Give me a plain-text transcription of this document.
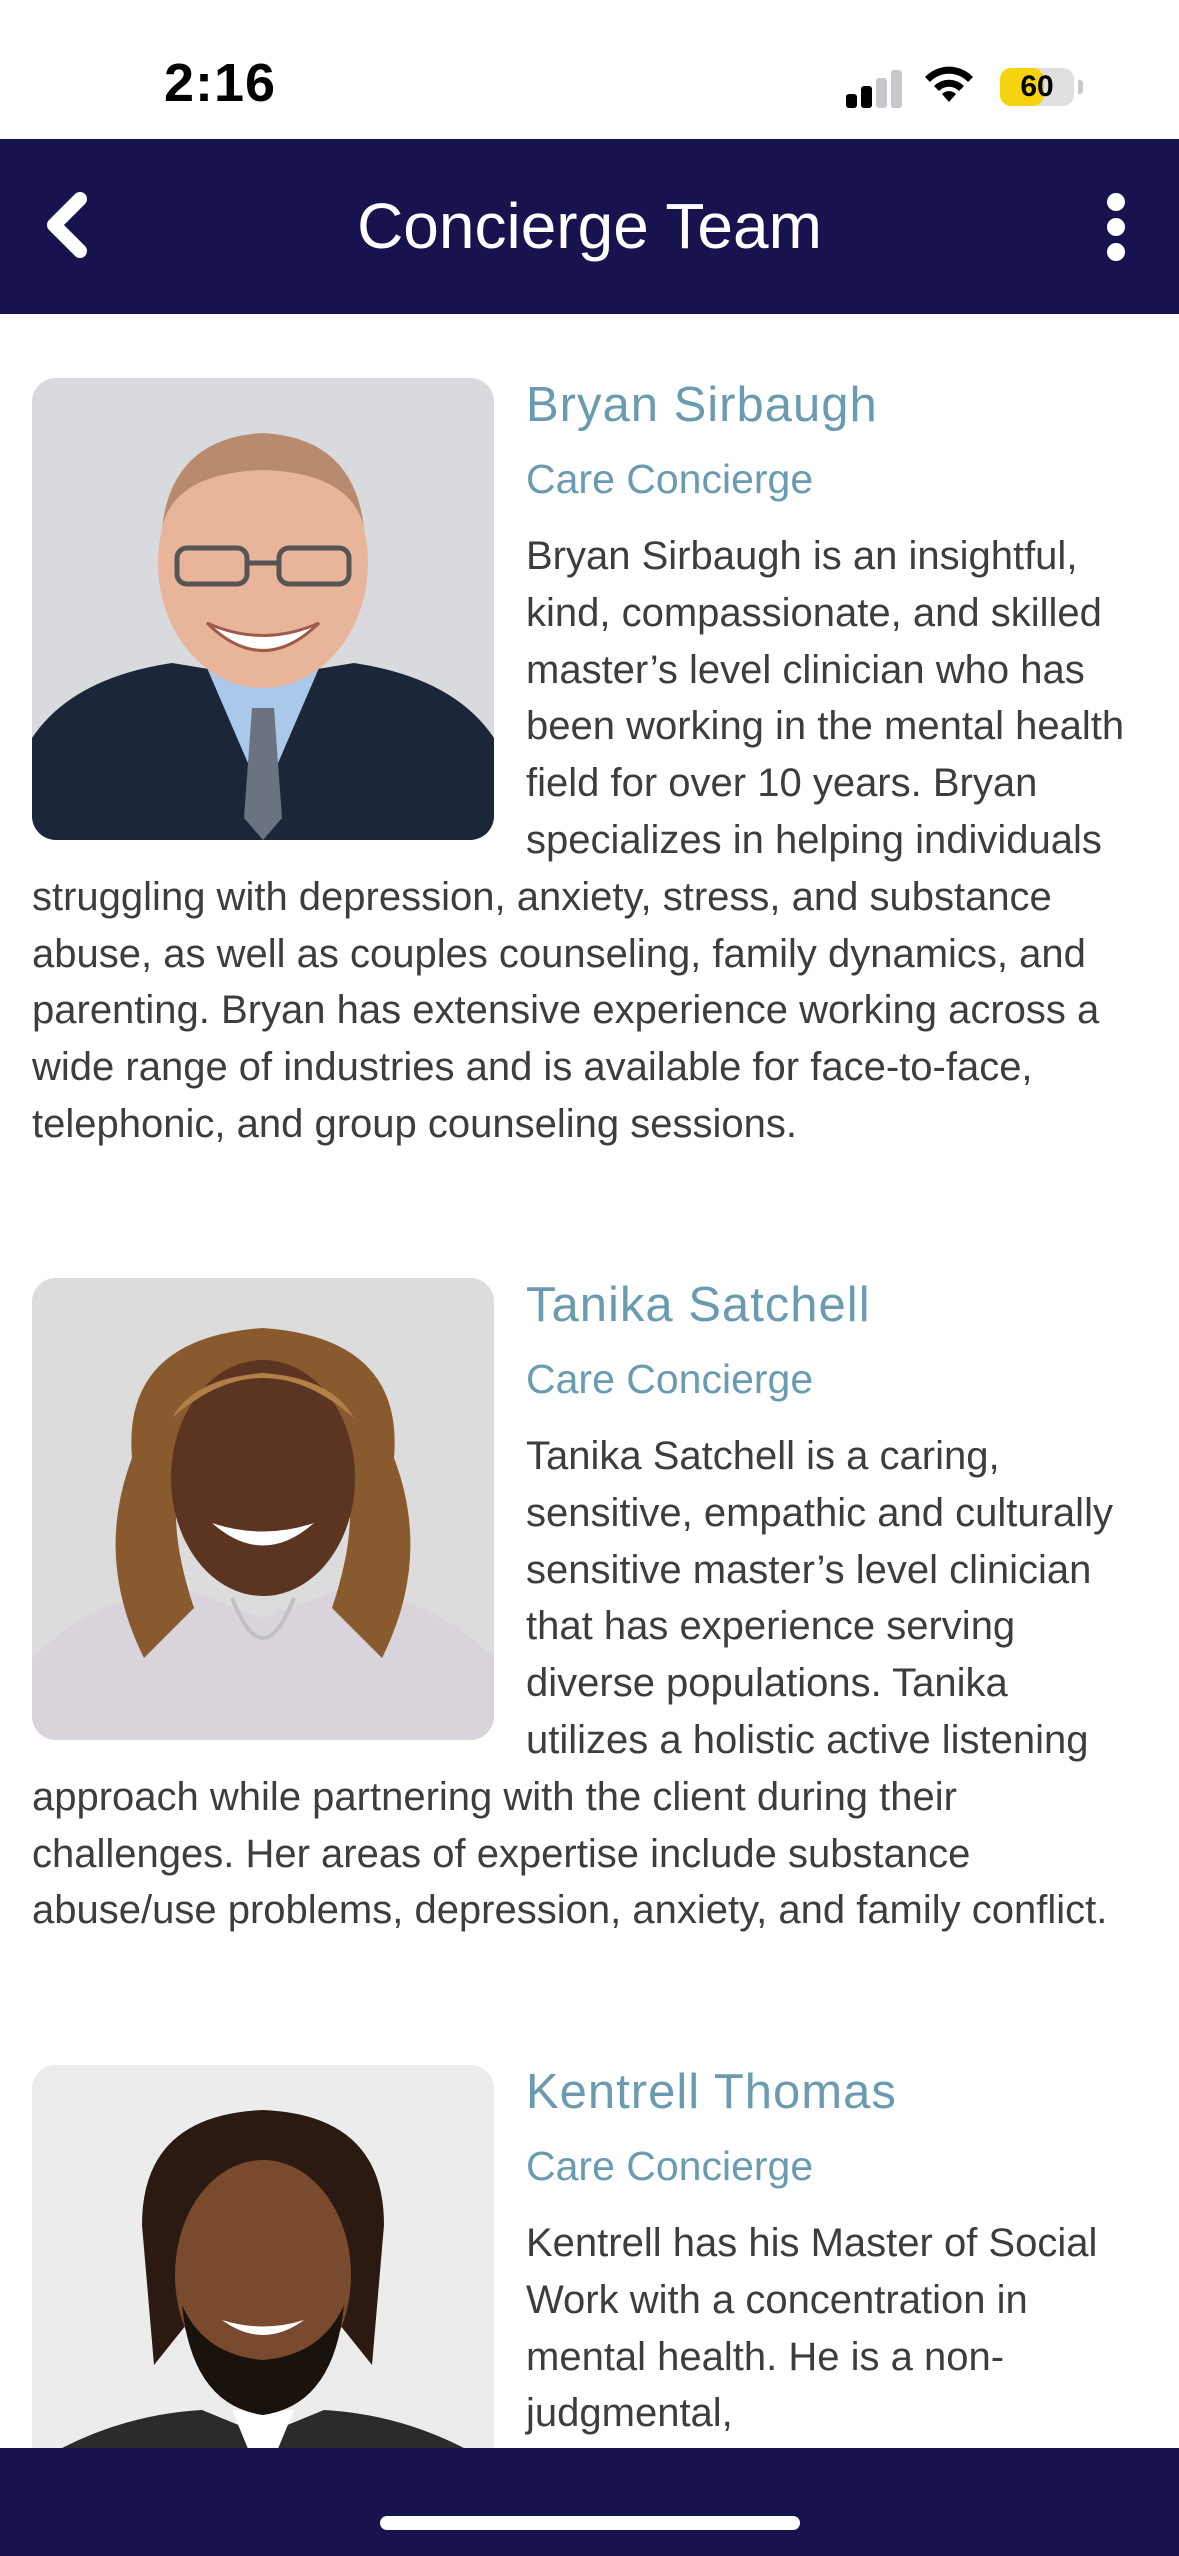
2:16	60
Concierge Team
Bryan Sirbaugh
Care Concierge
Bryan Sirbaugh is an insightful, kind, compassionate, and skilled master’s level clinician who has been working in the mental health field for over 10 years. Bryan specializes in helping individuals struggling with depression, anxiety, stress, and substance abuse, as well as couples counseling, family dynamics, and parenting. Bryan has extensive experience working across a wide range of industries and is available for face-to-face, telephonic, and group counseling sessions.
Tanika Satchell
Care Concierge
Tanika Satchell is a caring, sensitive, empathic and culturally sensitive master’s level clinician that has experience serving diverse populations. Tanika utilizes a holistic active listening approach while partnering with the client during their challenges. Her areas of expertise include substance abuse/use problems, depression, anxiety, and family conflict.
Kentrell Thomas
Care Concierge
Kentrell has his Master of Social Work with a concentration in mental health. He is a non-judgmental,
